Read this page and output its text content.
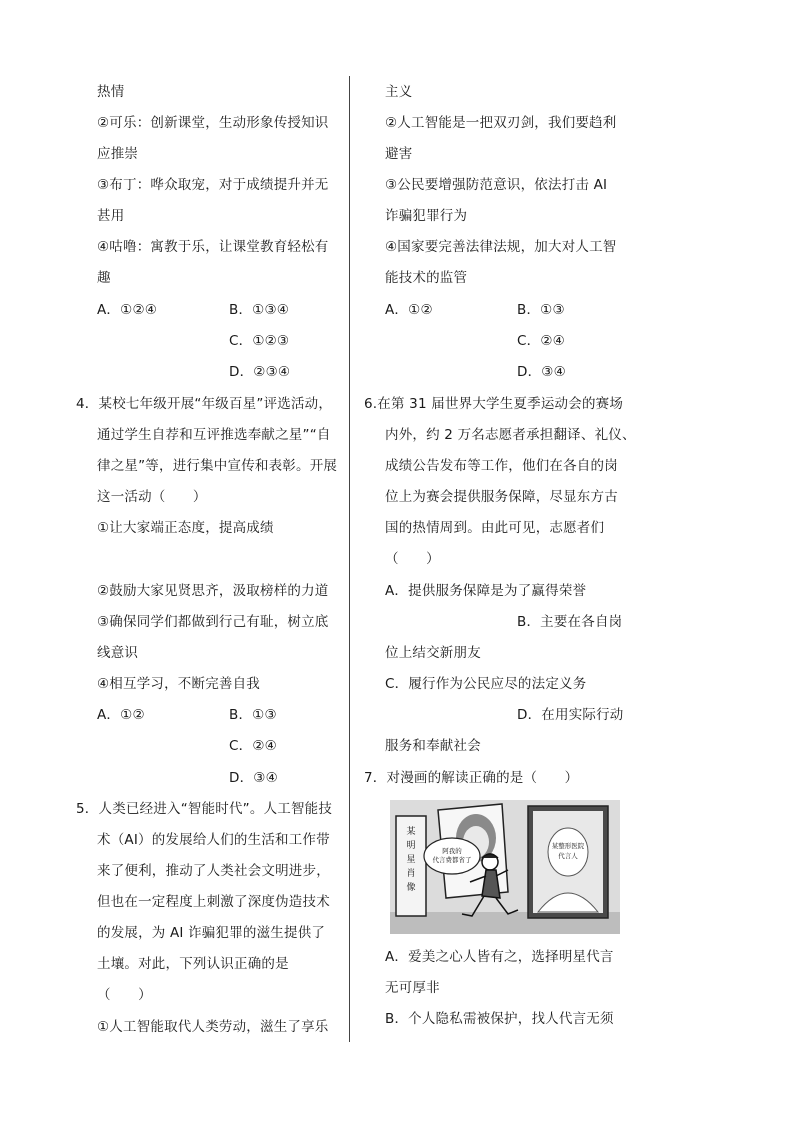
热情
②可乐：创新课堂，生动形象传授知识
应推崇
③布丁：哗众取宠，对于成绩提升并无
甚用
④咕噜：寓教于乐，让课堂教育轻松有
趣
A．①②④	B．①③④
C．①②③
D．②③④
4．某校七年级开展“年级百星”评选活动，
通过学生自荐和互评推选奉献之星”“自
律之星”等，进行集中宣传和表彰。开展
这一活动（　　）
①让大家端正态度，提高成绩
②鼓励大家见贤思齐，汲取榜样的力道
③确保同学们都做到行己有耻，树立底
线意识
④相互学习，不断完善自我
A．①②	B．①③
C．②④
D．③④
5．人类已经进入“智能时代”。人工智能技
术（AI）的发展给人们的生活和工作带
来了便利，推动了人类社会文明进步，
但也在一定程度上刺激了深度伪造技术
的发展，为 AI 诈骗犯罪的滋生提供了
土壤。对此，下列认识正确的是
（　　）
①人工智能取代人类劳动，滋生了享乐
主义
②人工智能是一把双刃剑，我们要趋利
避害
③公民要增强防范意识，依法打击 AI
诈骗犯罪行为
④国家要完善法律法规，加大对人工智
能技术的监管
A．①②	B．①③
C．②④
D．③④
6.在第 31 届世界大学生夏季运动会的赛场
内外，约 2 万名志愿者承担翻译、礼仪、
成绩公告发布等工作，他们在各自的岗
位上为赛会提供服务保障，尽显东方古
国的热情周到。由此可见，志愿者们
（　　）
A．提供服务保障是为了赢得荣誉
B．主要在各自岗
位上结交新朋友
C．履行作为公民应尽的法定义务
D．在用实际行动
服务和奉献社会
7．对漫画的解读正确的是（　　）
某
明
星
肖
像
阿我的
代言费都省了
某整形医院
代言人
A．爱美之心人皆有之，选择明星代言
无可厚非
B．个人隐私需被保护，找人代言无须
